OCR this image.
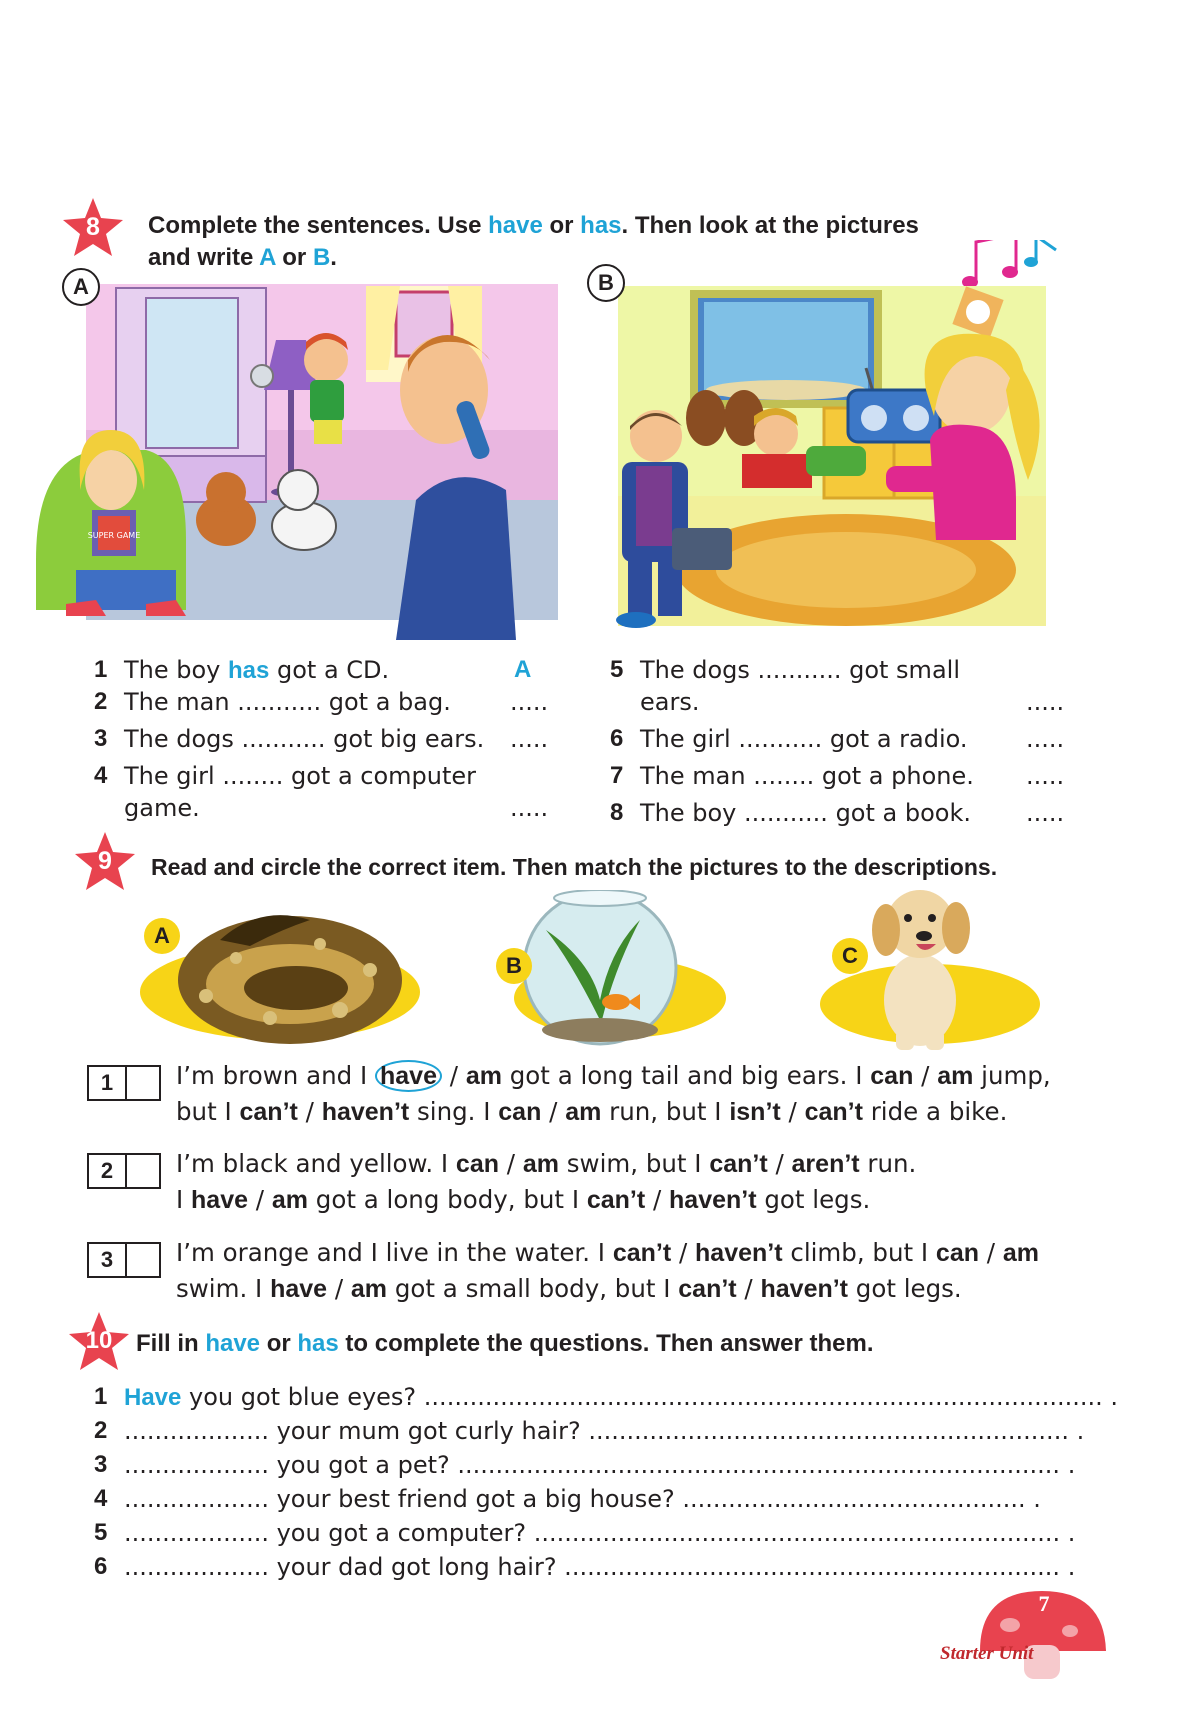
8	Complete the sentences. Use have or has. Then look at the pictures
and write A or B.
SUPER GAME
A	B
1 The boy has got a CD.	A
2 The man ........... got a bag. .....
3 The dogs ........... got big ears. .....
4 The girl ........ got a computer
game.	.....
5 The dogs ........... got small
ears.	.....
6 The girl ........... got a radio. .....
7 The man ........ got a phone. .....
8 The boy ........... got a book. .....
9	Read and circle the correct item. Then match the pictures to the descriptions.
A
B	C
1	I’m brown and I have / am got a long tail and big ears. I can / am jump,
but I can’t / haven’t sing. I can / am run, but I isn’t / can’t ride a bike.
2	I’m black and yellow. I can / am swim, but I can’t / aren’t run.
I have / am got a long body, but I can’t / haven’t got legs.
3	I’m orange and I live in the water. I can’t / haven’t climb, but I can / am
swim. I have / am got a small body, but I can’t / haven’t got legs.
10 Fill in have or has to complete the questions. Then answer them.
1 Have you got blue eyes? ......................................................................................... .
2 ................... your mum got curly hair? ............................................................... .
3 ................... you got a pet? ............................................................................... .
4 ................... your best friend got a big house? ............................................. .
5 ................... you got a computer? ..................................................................... .
6 ................... your dad got long hair? ................................................................. .
7
Starter Unit
